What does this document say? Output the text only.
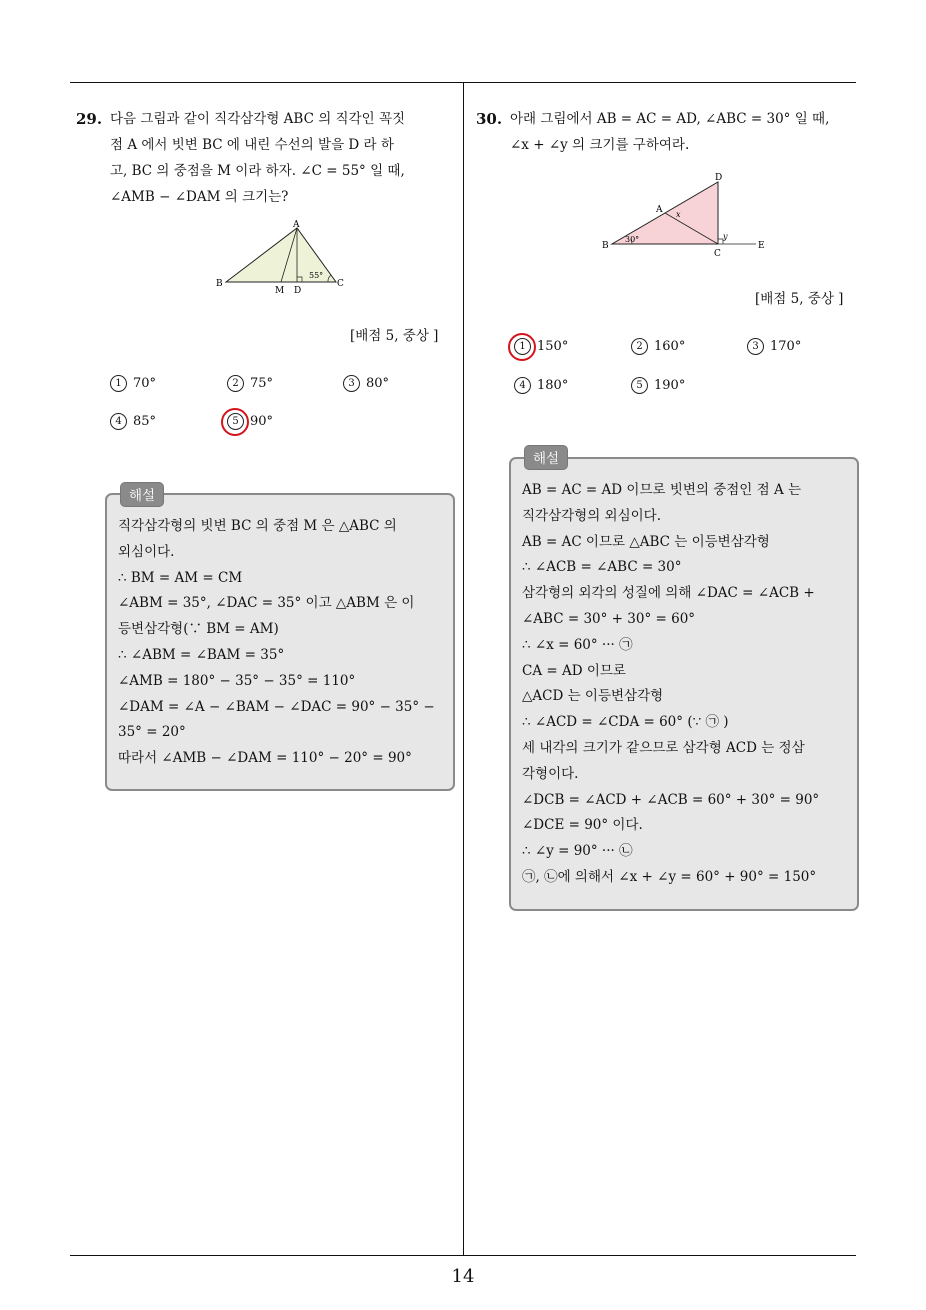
14
29. 다음 그림과 같이 직각삼각형 ABC 의 직각인 꼭짓
점 A 에서 빗변 BC 에 내린 수선의 발을 D 라 하
고, BC 의 중점을 M 이라 하자. ∠C = 55° 일 때,
∠AMB − ∠DAM 의 크기는?
A
B	C
M D
55°
[배점 5, 중상 ]
1 70°	2 75°	3 80°
4 85°	5 90°
해설
직각삼각형의 빗변 BC 의 중점 M 은 △ABC 의
외심이다.
∴ BM = AM = CM
∠ABM = 35°, ∠DAC = 35° 이고 △ABM 은 이
등변삼각형(∵ BM = AM)
∴ ∠ABM = ∠BAM = 35°
∠AMB = 180° − 35° − 35° = 110°
∠DAM = ∠A − ∠BAM − ∠DAC = 90° − 35° −
35° = 20°
따라서 ∠AMB − ∠DAM = 110° − 20° = 90°
30. 아래 그림에서 AB = AC = AD, ∠ABC = 30° 일 때,
∠x + ∠y 의 크기를 구하여라.
A
B
C
D
E
x
y
30°
[배점 5, 중상 ]
1 150°	2 160°	3 170°
4 180°	5 190°
해설
AB = AC = AD 이므로 빗변의 중점인 점 A 는
직각삼각형의 외심이다.
AB = AC 이므로 △ABC 는 이등변삼각형
∴ ∠ACB = ∠ABC = 30°
삼각형의 외각의 성질에 의해 ∠DAC = ∠ACB +
∠ABC = 30° + 30° = 60°
∴ ∠x = 60° ··· ㉠
CA = AD 이므로
△ACD 는 이등변삼각형
∴ ∠ACD = ∠CDA = 60° (∵ ㉠ )
세 내각의 크기가 같으므로 삼각형 ACD 는 정삼
각형이다.
∠DCB = ∠ACD + ∠ACB = 60° + 30° = 90°
∠DCE = 90° 이다.
∴ ∠y = 90° ··· ㉡
㉠, ㉡에 의해서 ∠x + ∠y = 60° + 90° = 150°
